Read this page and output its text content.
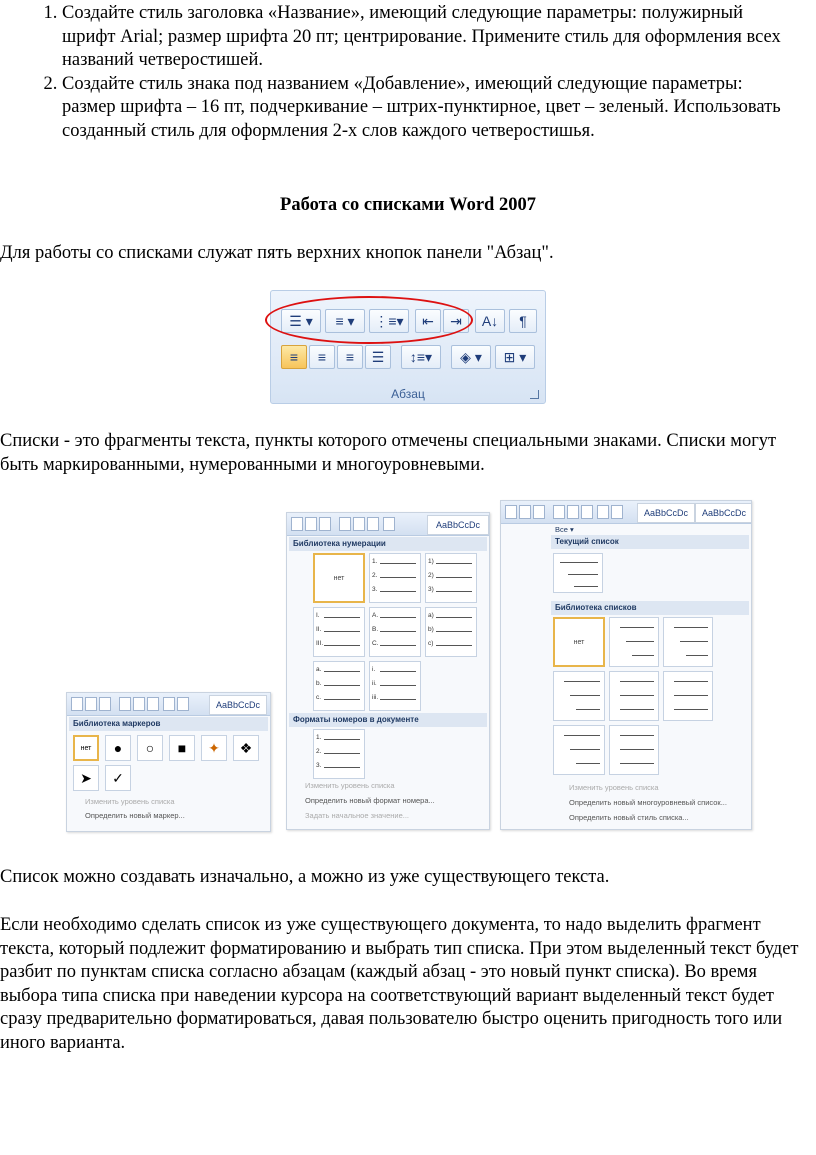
1. Создайте стиль заголовка «Название», имеющий следующие параметры: полужирный шрифт Arial; размер шрифта 20 пт; центрирование. Примените стиль для оформления всех названий четверостишей.
2. Создайте стиль знака под названием «Добавление», имеющий следующие параметры: размер шрифта – 16 пт, подчеркивание – штрих-пунктирное, цвет – зеленый. Использовать созданный стиль для оформления 2-х слов каждого четверостишья.
Работа со списками Word 2007
Для работы со списками служат пять верхних кнопок панели "Абзац".
☰ ▾ ≡ ▾ ⋮≡▾ ⇤ ⇥ A↓ ¶
≡ ≡ ≡ ☰ ↕≡▾ ◈ ▾ ⊞ ▾
Абзац
Списки - это фрагменты текста, пункты которого отмечены специальными знаками. Списки могут быть маркированными, нумерованными и многоуровневыми.
AaBbCcDc
Библиотека маркеров
нет	●	○	■	✦	❖
➤	✓
Изменить уровень списка
Определить новый маркер...
AaBbCcDc
Библиотека нумерации
нет
1.
2.
3.
1)
2)
3)
I.
II.
III.
A.
B.
C.
a)
b)
c)
a.
b.
c.
i.
ii.
iii.
Форматы номеров в документе
1.
2.
3.
Изменить уровень списка
Определить новый формат номера...
Задать начальное значение...
AaBbCcDc	AaBbCcDc
Все ▾
Текущий список
Библиотека списков
нет
Изменить уровень списка
Определить новый многоуровневый список...
Определить новый стиль списка...
Список можно создавать изначально, а можно из уже существующего текста.
Если необходимо сделать список из уже существующего документа, то надо выделить фрагмент текста, который подлежит форматированию и выбрать тип списка. При этом выделенный текст будет разбит по пунктам списка согласно абзацам (каждый абзац - это новый пункт списка). Во время выбора типа списка при наведении курсора на соответствующий вариант выделенный текст будет сразу предварительно форматироваться, давая пользователю быстро оценить пригодность того или иного варианта.
